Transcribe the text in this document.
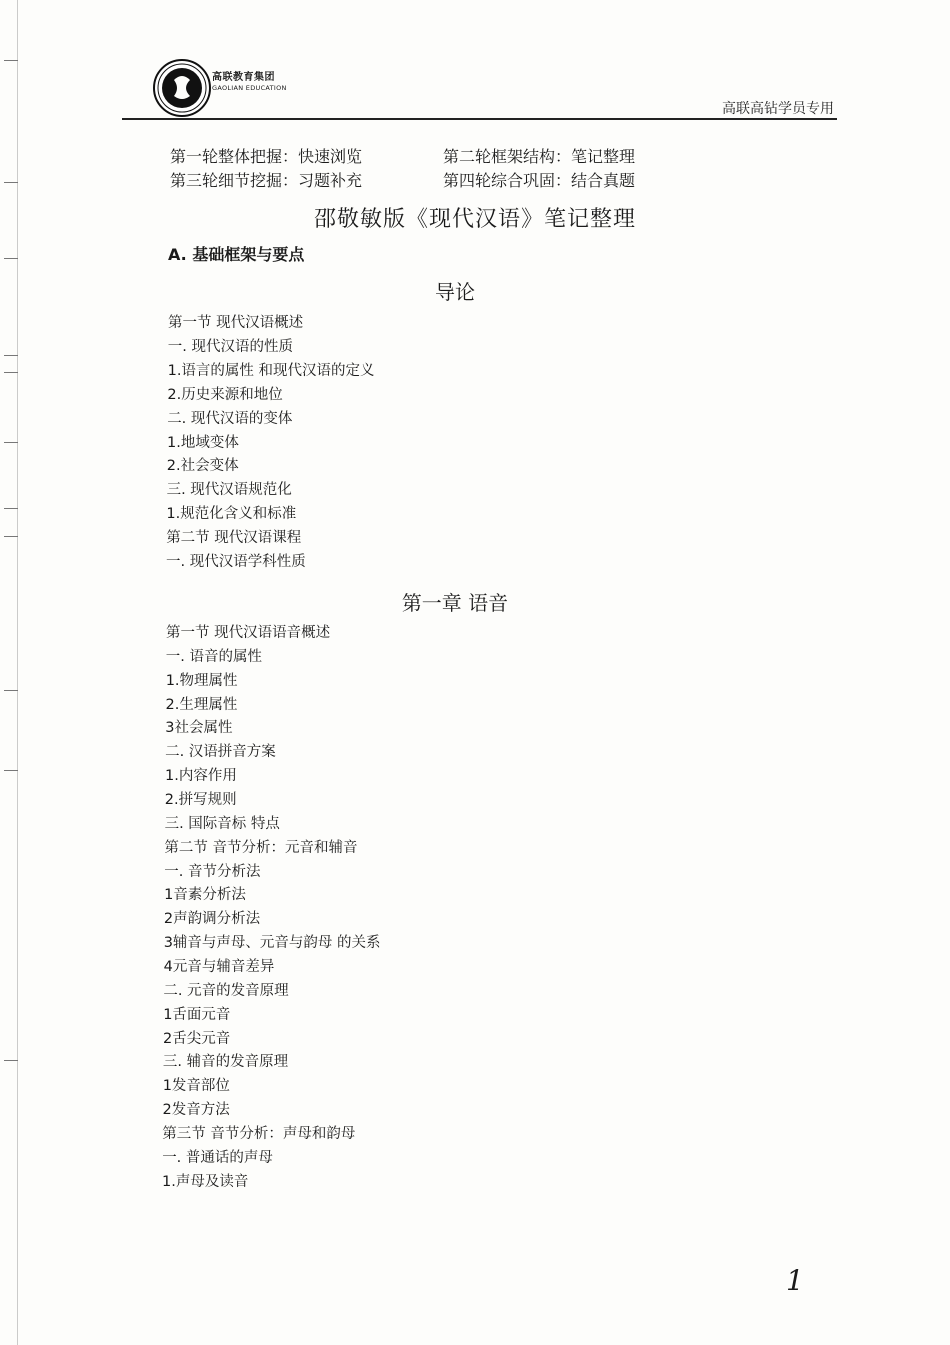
高联教育集团
GAOLIAN EDUCATION
高联高钻学员专用
第一轮整体把握：快速浏览	第二轮框架结构：笔记整理
第三轮细节挖掘：习题补充	第四轮综合巩固：结合真题
邵敬敏版《现代汉语》笔记整理
A. 基础框架与要点
导论
第一节 现代汉语概述
一. 现代汉语的性质
1.语言的属性 和现代汉语的定义
2.历史来源和地位
二. 现代汉语的变体
1.地域变体
2.社会变体
三. 现代汉语规范化
1.规范化含义和标准
第二节 现代汉语课程
一. 现代汉语学科性质
第一章 语音
第一节 现代汉语语音概述
一. 语音的属性
1.物理属性
2.生理属性
3社会属性
二. 汉语拼音方案
1.内容作用
2.拼写规则
三. 国际音标 特点
第二节 音节分析：元音和辅音
一. 音节分析法
1音素分析法
2声韵调分析法
3辅音与声母、元音与韵母 的关系
4元音与辅音差异
二. 元音的发音原理
1舌面元音
2舌尖元音
三. 辅音的发音原理
1发音部位
2发音方法
第三节 音节分析：声母和韵母
一. 普通话的声母
1.声母及读音
1
